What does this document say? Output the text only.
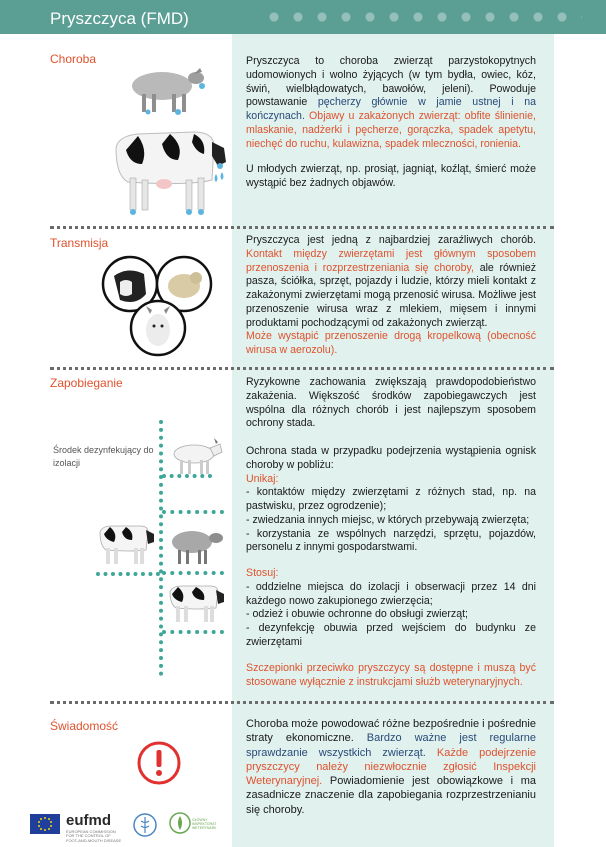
Pryszczyca (FMD)
Choroba	Pryszczyca to choroba zwierząt parzystokopytnych udomowionych i wolno żyjących (w tym bydła, owiec, kóz, świń, wielbłądowatych, bawołów, jeleni). Powoduje powstawanie pęcherzy głównie w jamie ustnej i na kończynach. Objawy u zakażonych zwierząt: obfite ślinienie, mlaskanie, nadżerki i pęcherze, gorączka, spadek apetytu, niechęć do ruchu, kulawizna, spadek mleczności, ronienia.

U młodych zwierząt, np. prosiąt, jagniąt, koźląt, śmierć może wystąpić bez żadnych objawów.

Transmisja	Pryszczyca jest jedną z najbardziej zaraźliwych chorób. Kontakt między zwierzętami jest głównym sposobem przenoszenia i rozprzestrzeniania się choroby, ale również pasza, ściółka, sprzęt, pojazdy i ludzie, którzy mieli kontakt z zakażonymi zwierzętami mogą przenosić wirusa. Możliwe jest przenoszenie wirusa wraz z mlekiem, mięsem i innymi produktami pochodzącymi od zakażonych zwierząt.

Może wystąpić przenoszenie drogą kropelkową (obecność wirusa w aerozolu).

Zapobieganie
Środek dezynfekujący do izolacji

Ryzykowne zachowania zwiększają prawdopodobieństwo zakażenia. Większość środków zapobiegawczych jest wspólna dla różnych chorób i jest najlepszym sposobem ochrony stada.

Ochrona stada w przypadku podejrzenia wystąpienia ognisk choroby w pobliżu:

Unikaj:

- kontaktów między zwierzętami z różnych stad, np. na pastwisku, przez ogrodzenie);

- zwiedzania innych miejsc, w których przebywają zwierzęta;

- korzystania ze wspólnych narzędzi, sprzętu, pojazdów, personelu z innymi gospodarstwami.

Stosuj:

- oddzielne miejsca do izolacji i obserwacji przez 14 dni każdego nowo zakupionego zwierzęcia;

- odzież i obuwie ochronne do obsługi zwierząt;

- dezynfekcję obuwia przed wejściem do budynku ze zwierzętami

Szczepionki przeciwko pryszczycy są dostępne i muszą być stosowane wyłącznie z instrukcjami służb weterynaryjnych.

Świadomość	Choroba może powodować różne bezpośrednie i pośrednie straty ekonomiczne. Bardzo ważne jest regularne sprawdzanie wszystkich zwierząt. Każde podejrzenie pryszczycy należy niezwłocznie zgłosić Inspekcji Weterynaryjnej. Powiadomienie jest obowiązkowe i ma zasadnicze znaczenie dla zapobiegania rozprzestrzenianiu się choroby.

eufmd
EUROPEAN COMMISSION FOR THE CONTROL OF FOOT-AND-MOUTH DISEASE
GŁÓWNY INSPEKTORAT WETERYNARII
